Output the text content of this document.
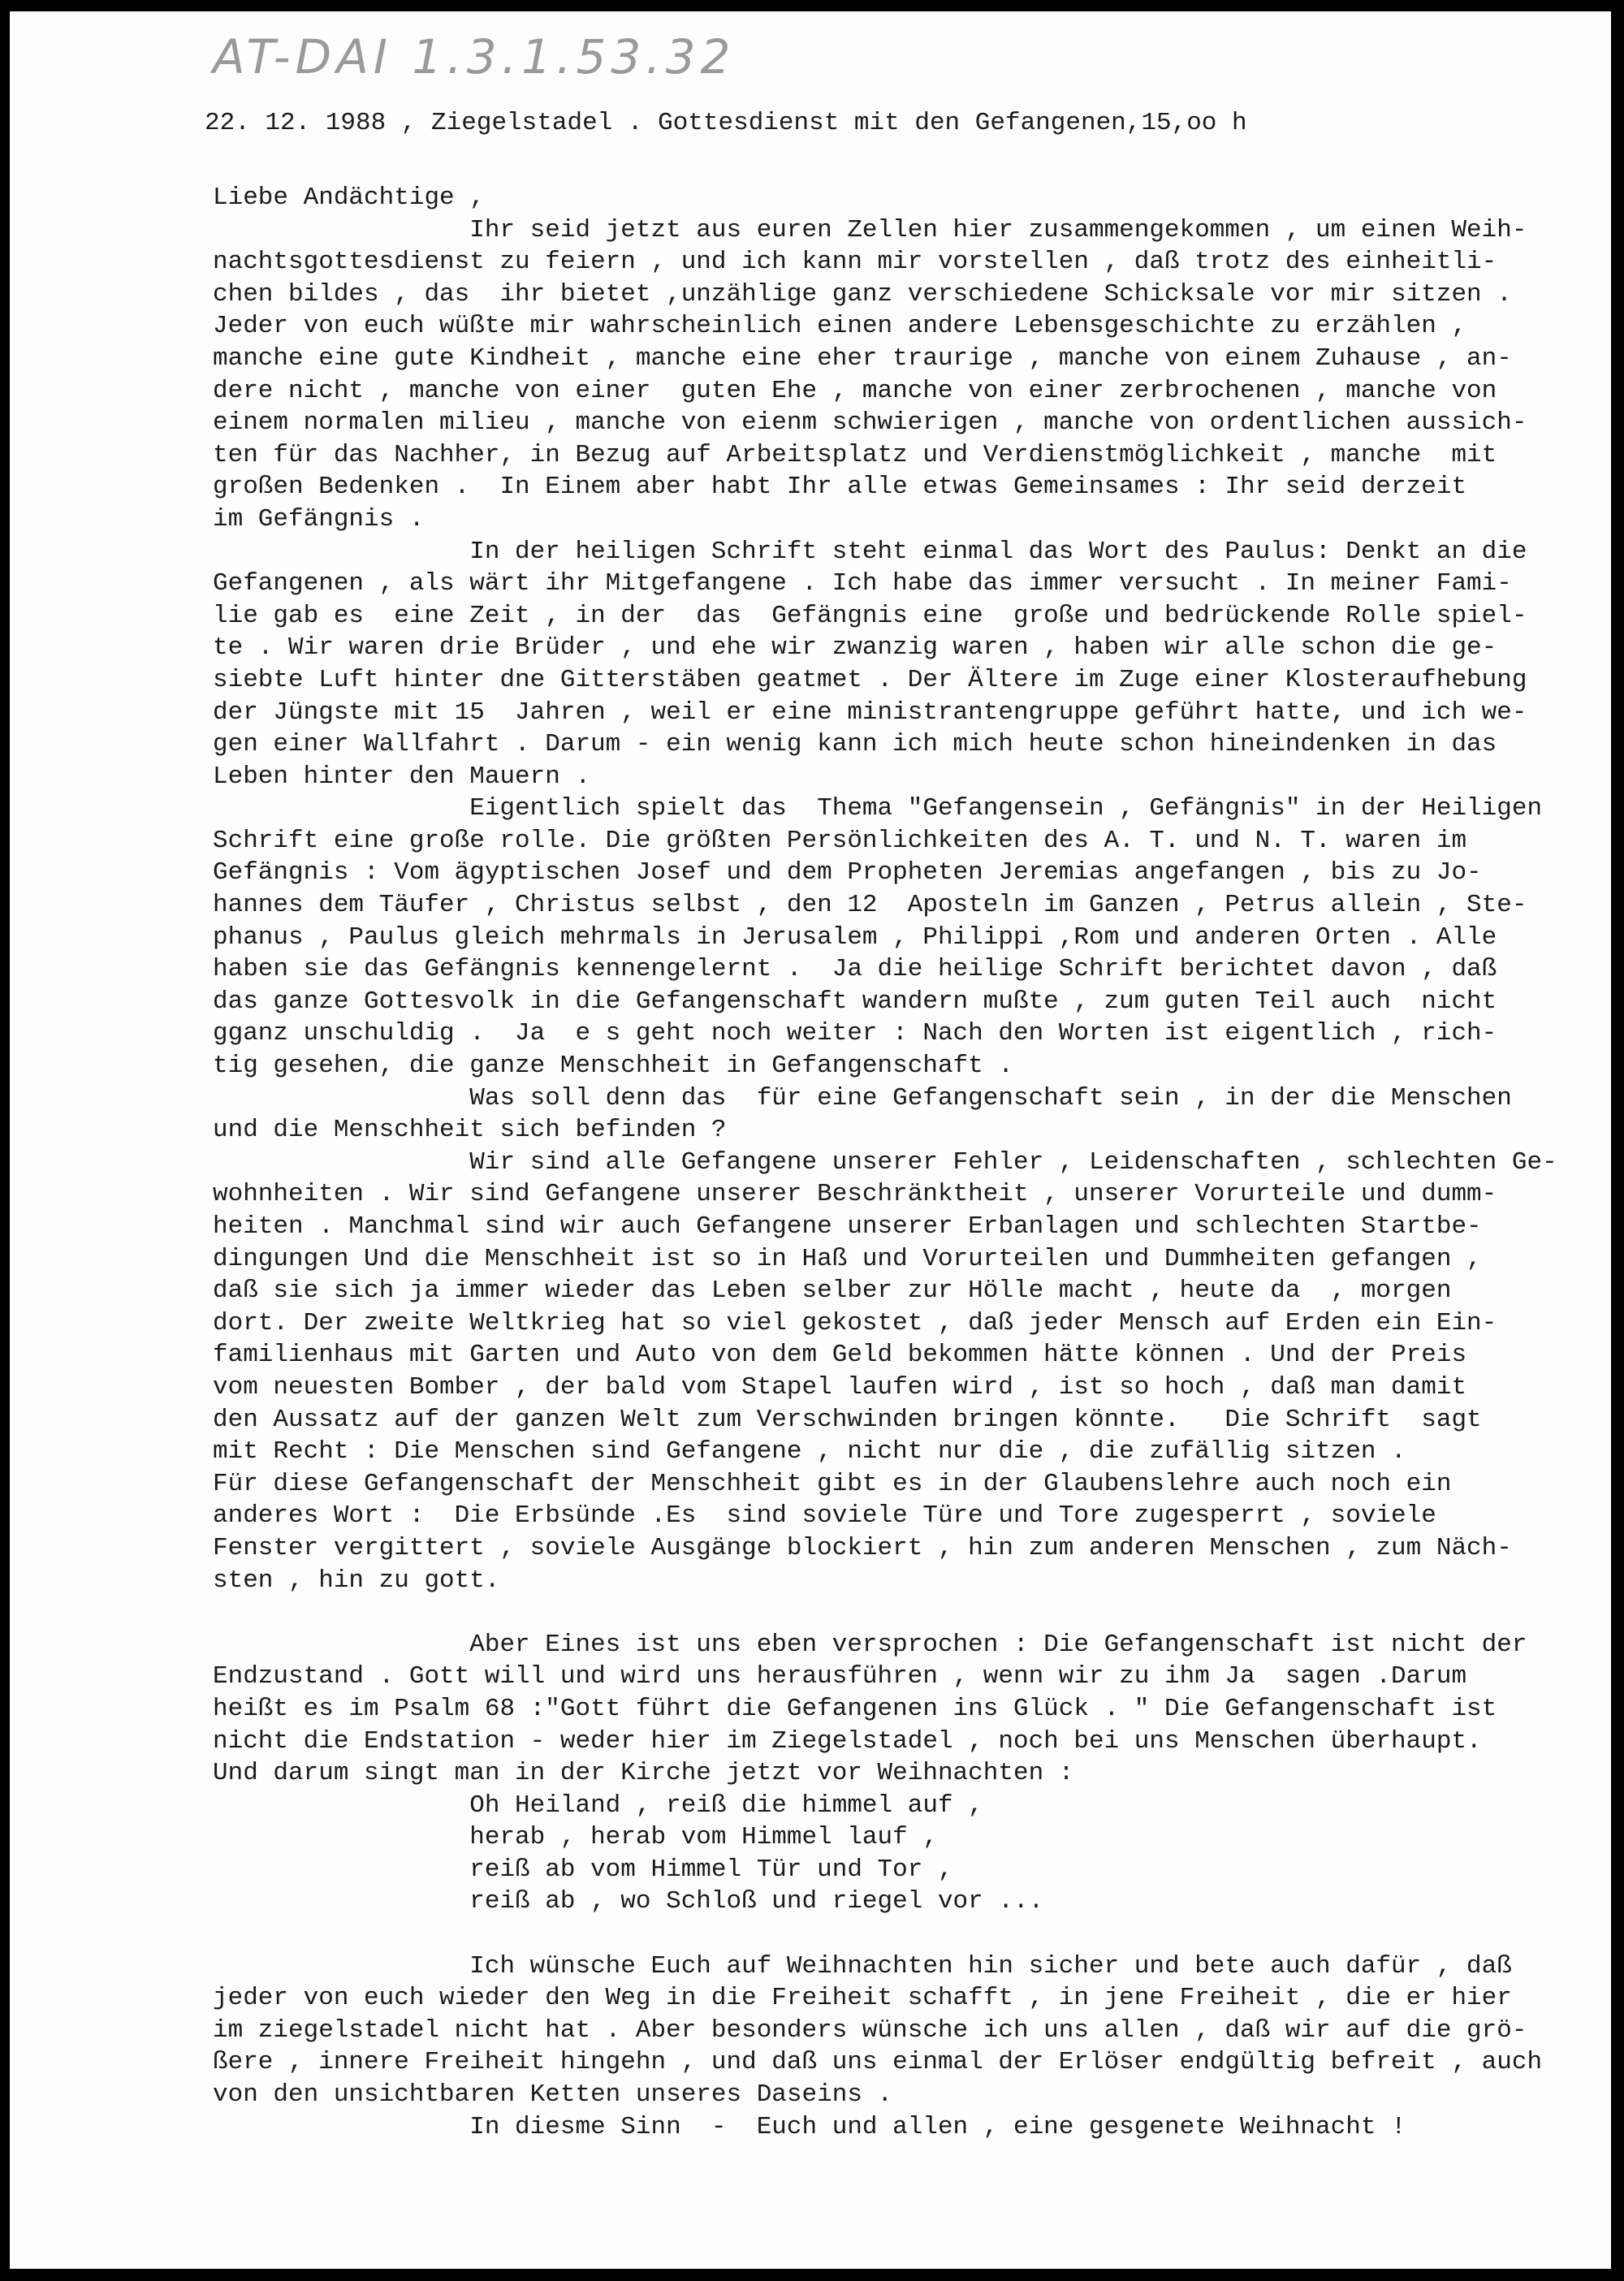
AT-DAI 1.3.1.53.32
22. 12. 1988 , Ziegelstadel . Gottesdienst mit den Gefangenen,15,oo h
Liebe Andächtige ,
Ihr seid jetzt aus euren Zellen hier zusammengekommen , um einen Weih-
nachtsgottesdienst zu feiern , und ich kann mir vorstellen , daß trotz des einheitli-
chen bildes , das  ihr bietet ,unzählige ganz verschiedene Schicksale vor mir sitzen .
Jeder von euch wüßte mir wahrscheinlich einen andere Lebensgeschichte zu erzählen ,
manche eine gute Kindheit , manche eine eher traurige , manche von einem Zuhause , an-
dere nicht , manche von einer  guten Ehe , manche von einer zerbrochenen , manche von
einem normalen milieu , manche von eienm schwierigen , manche von ordentlichen aussich-
ten für das Nachher, in Bezug auf Arbeitsplatz und Verdienstmöglichkeit , manche  mit
großen Bedenken .  In Einem aber habt Ihr alle etwas Gemeinsames : Ihr seid derzeit
im Gefängnis .
In der heiligen Schrift steht einmal das Wort des Paulus: Denkt an die
Gefangenen , als wärt ihr Mitgefangene . Ich habe das immer versucht . In meiner Fami-
lie gab es  eine Zeit , in der  das  Gefängnis eine  große und bedrückende Rolle spiel-
te . Wir waren drie Brüder , und ehe wir zwanzig waren , haben wir alle schon die ge-
siebte Luft hinter dne Gitterstäben geatmet . Der Ältere im Zuge einer Klosteraufhebung
der Jüngste mit 15  Jahren , weil er eine ministrantengruppe geführt hatte, und ich we-
gen einer Wallfahrt . Darum - ein wenig kann ich mich heute schon hineindenken in das
Leben hinter den Mauern .
Eigentlich spielt das  Thema "Gefangensein , Gefängnis" in der Heiligen
Schrift eine große rolle. Die größten Persönlichkeiten des A. T. und N. T. waren im
Gefängnis : Vom ägyptischen Josef und dem Propheten Jeremias angefangen , bis zu Jo-
hannes dem Täufer , Christus selbst , den 12  Aposteln im Ganzen , Petrus allein , Ste-
phanus , Paulus gleich mehrmals in Jerusalem , Philippi ,Rom und anderen Orten . Alle
haben sie das Gefängnis kennengelernt .  Ja die heilige Schrift berichtet davon , daß
das ganze Gottesvolk in die Gefangenschaft wandern mußte , zum guten Teil auch  nicht
gganz unschuldig .  Ja  e s geht noch weiter : Nach den Worten ist eigentlich , rich-
tig gesehen, die ganze Menschheit in Gefangenschaft .
Was soll denn das  für eine Gefangenschaft sein , in der die Menschen
und die Menschheit sich befinden ?
Wir sind alle Gefangene unserer Fehler , Leidenschaften , schlechten Ge-
wohnheiten . Wir sind Gefangene unserer Beschränktheit , unserer Vorurteile und dumm-
heiten . Manchmal sind wir auch Gefangene unserer Erbanlagen und schlechten Startbe-
dingungen Und die Menschheit ist so in Haß und Vorurteilen und Dummheiten gefangen ,
daß sie sich ja immer wieder das Leben selber zur Hölle macht , heute da  , morgen
dort. Der zweite Weltkrieg hat so viel gekostet , daß jeder Mensch auf Erden ein Ein-
familienhaus mit Garten und Auto von dem Geld bekommen hätte können . Und der Preis
vom neuesten Bomber , der bald vom Stapel laufen wird , ist so hoch , daß man damit
den Aussatz auf der ganzen Welt zum Verschwinden bringen könnte.   Die Schrift  sagt
mit Recht : Die Menschen sind Gefangene , nicht nur die , die zufällig sitzen .
Für diese Gefangenschaft der Menschheit gibt es in der Glaubenslehre auch noch ein
anderes Wort :  Die Erbsünde .Es  sind soviele Türe und Tore zugesperrt , soviele
Fenster vergittert , soviele Ausgänge blockiert , hin zum anderen Menschen , zum Näch-
sten , hin zu gott.
Aber Eines ist uns eben versprochen : Die Gefangenschaft ist nicht der
Endzustand . Gott will und wird uns herausführen , wenn wir zu ihm Ja  sagen .Darum
heißt es im Psalm 68 :"Gott führt die Gefangenen ins Glück . " Die Gefangenschaft ist
nicht die Endstation - weder hier im Ziegelstadel , noch bei uns Menschen überhaupt.
Und darum singt man in der Kirche jetzt vor Weihnachten :
Oh Heiland , reiß die himmel auf ,
herab , herab vom Himmel lauf ,
reiß ab vom Himmel Tür und Tor ,
reiß ab , wo Schloß und riegel vor ...
Ich wünsche Euch auf Weihnachten hin sicher und bete auch dafür , daß
jeder von euch wieder den Weg in die Freiheit schafft , in jene Freiheit , die er hier
im ziegelstadel nicht hat . Aber besonders wünsche ich uns allen , daß wir auf die grö-
ßere , innere Freiheit hingehn , und daß uns einmal der Erlöser endgültig befreit , auch
von den unsichtbaren Ketten unseres Daseins .
In diesme Sinn  -  Euch und allen , eine gesgenete Weihnacht !
